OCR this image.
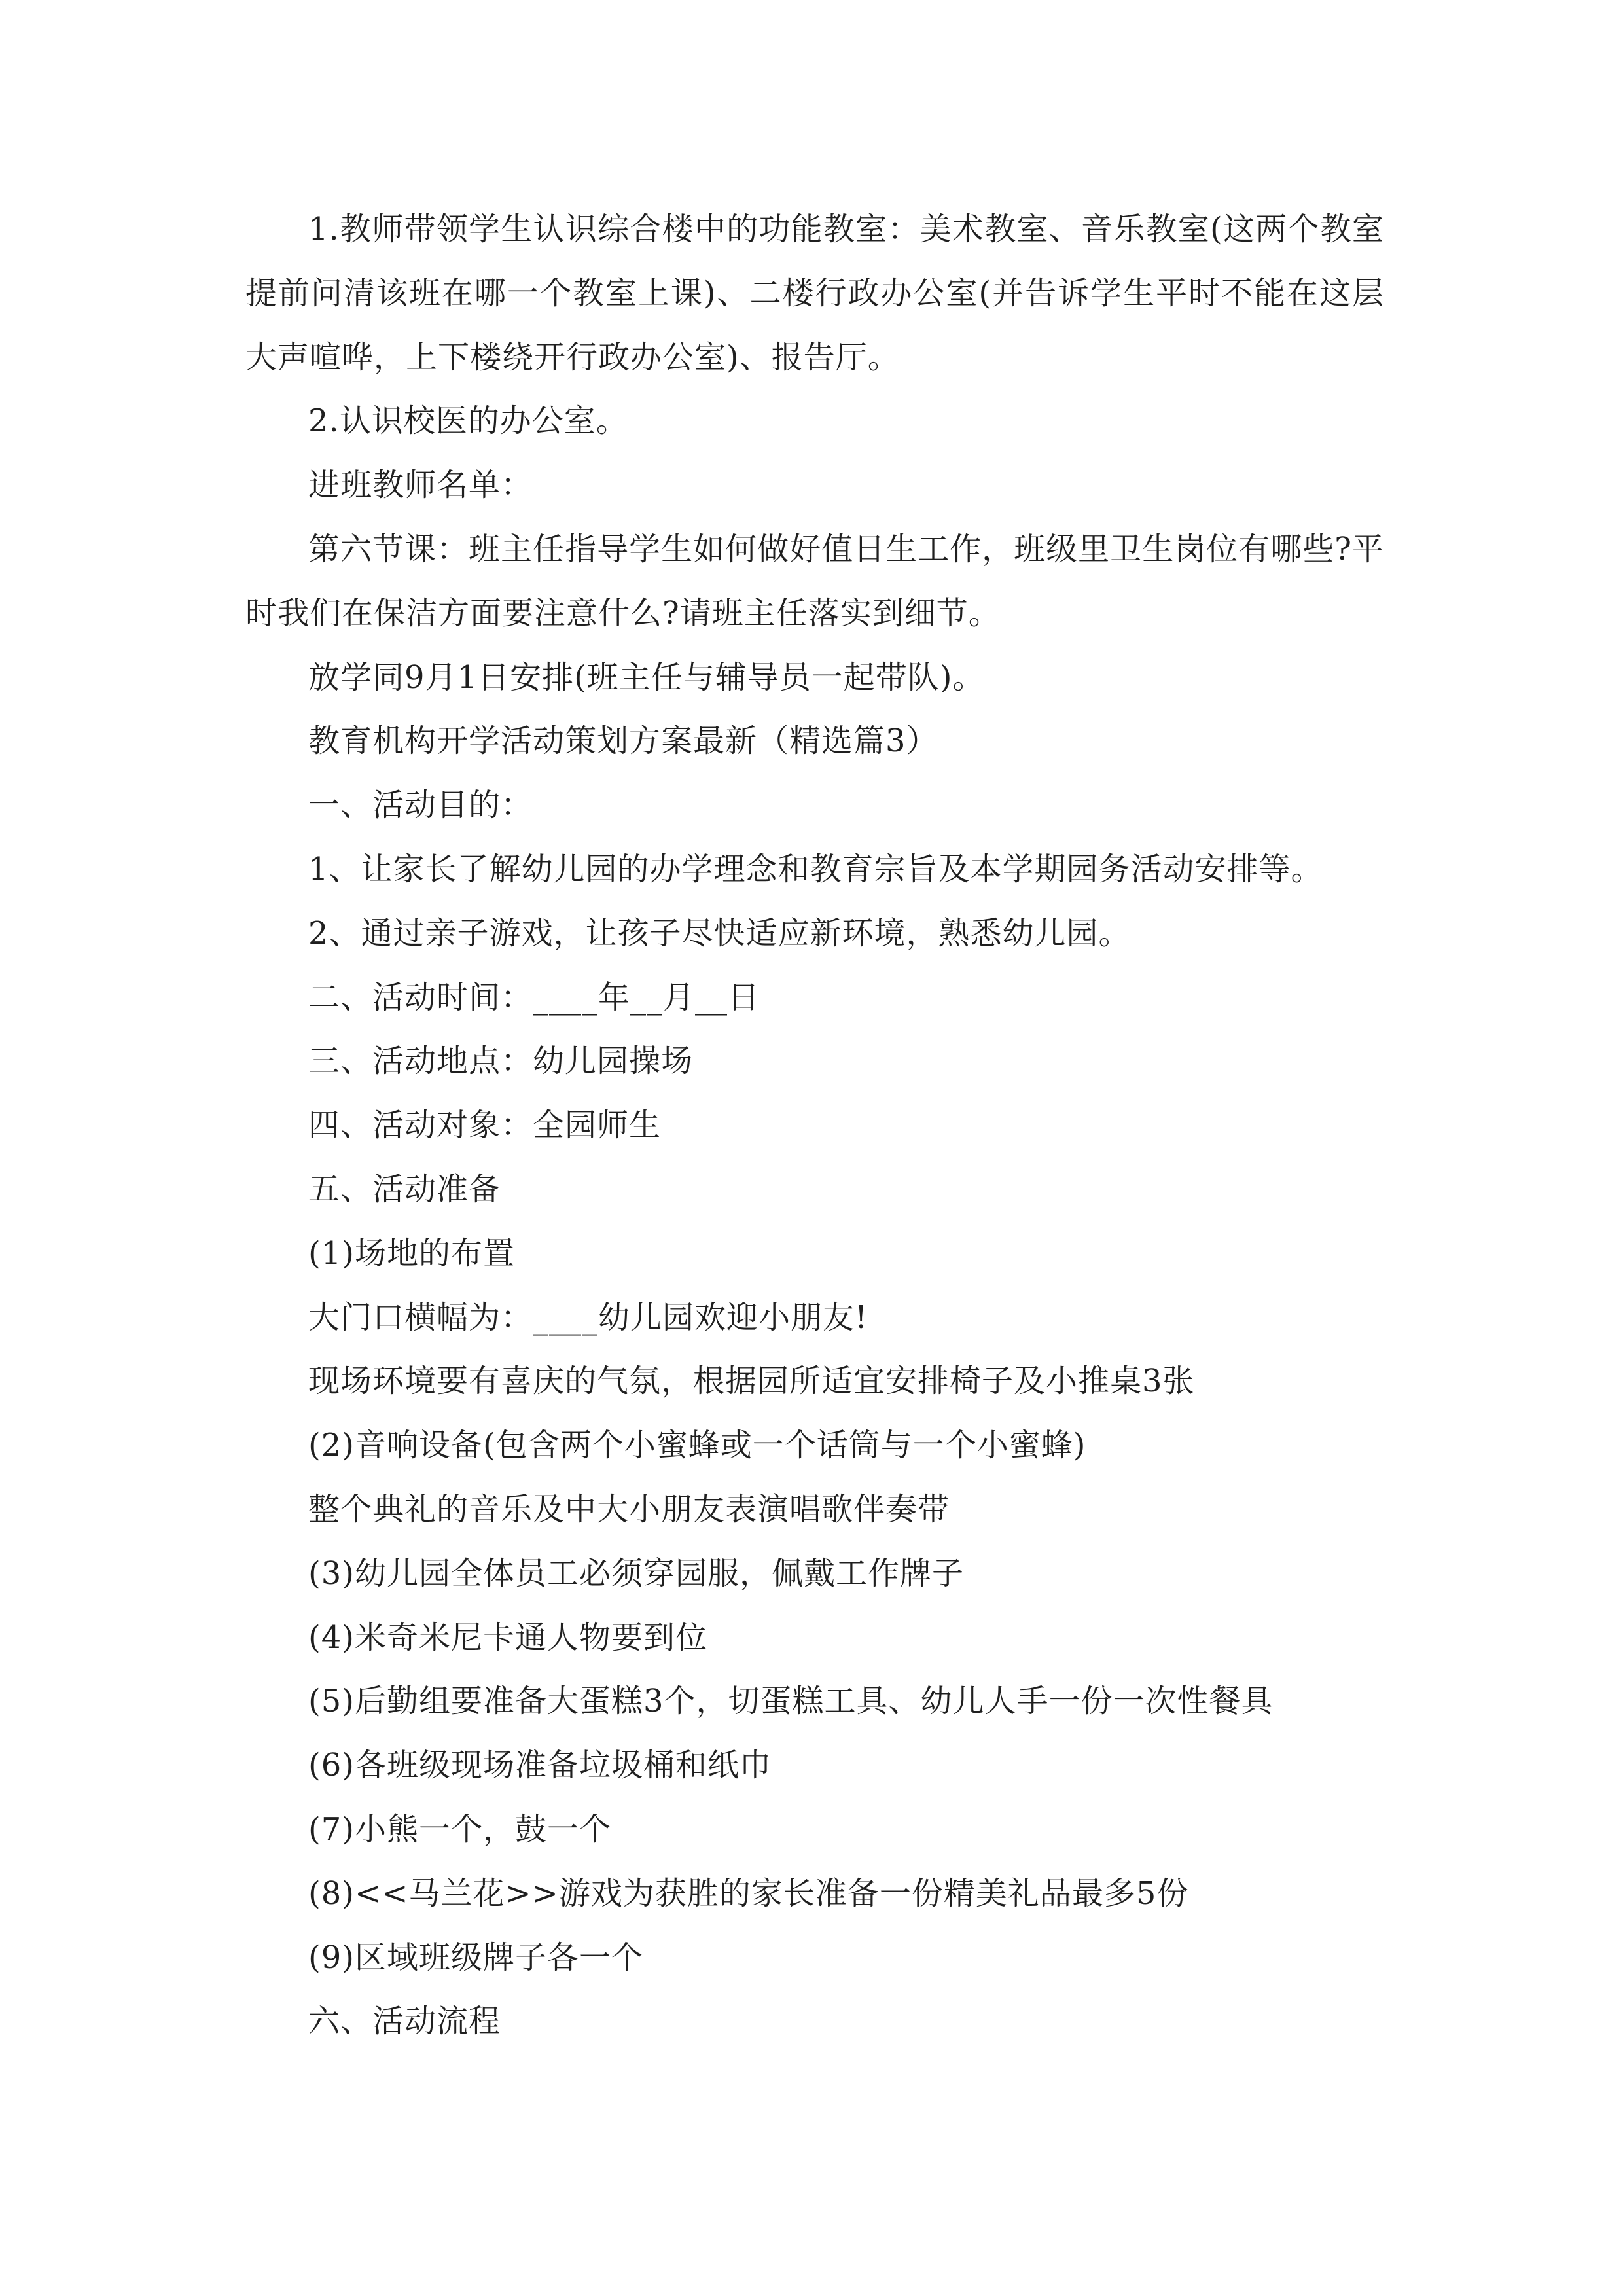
1.教师带领学生认识综合楼中的功能教室：美术教室、音乐教室(这两个教室提前问清该班在哪一个教室上课)、二楼行政办公室(并告诉学生平时不能在这层大声喧哗，上下楼绕开行政办公室)、报告厅。

2.认识校医的办公室。

进班教师名单：

第六节课：班主任指导学生如何做好值日生工作，班级里卫生岗位有哪些?平时我们在保洁方面要注意什么?请班主任落实到细节。

放学同9月1日安排(班主任与辅导员一起带队)。

教育机构开学活动策划方案最新（精选篇3）

一、活动目的：

1、让家长了解幼儿园的办学理念和教育宗旨及本学期园务活动安排等。

2、通过亲子游戏，让孩子尽快适应新环境，熟悉幼儿园。

二、活动时间：____年__月__日

三、活动地点：幼儿园操场

四、活动对象：全园师生

五、活动准备

(1)场地的布置

大门口横幅为：____幼儿园欢迎小朋友!

现场环境要有喜庆的气氛，根据园所适宜安排椅子及小推桌3张

(2)音响设备(包含两个小蜜蜂或一个话筒与一个小蜜蜂)

整个典礼的音乐及中大小朋友表演唱歌伴奏带

(3)幼儿园全体员工必须穿园服，佩戴工作牌子

(4)米奇米尼卡通人物要到位

(5)后勤组要准备大蛋糕3个，切蛋糕工具、幼儿人手一份一次性餐具

(6)各班级现场准备垃圾桶和纸巾

(7)小熊一个，鼓一个

(8)<<马兰花>>游戏为获胜的家长准备一份精美礼品最多5份

(9)区域班级牌子各一个

六、活动流程
